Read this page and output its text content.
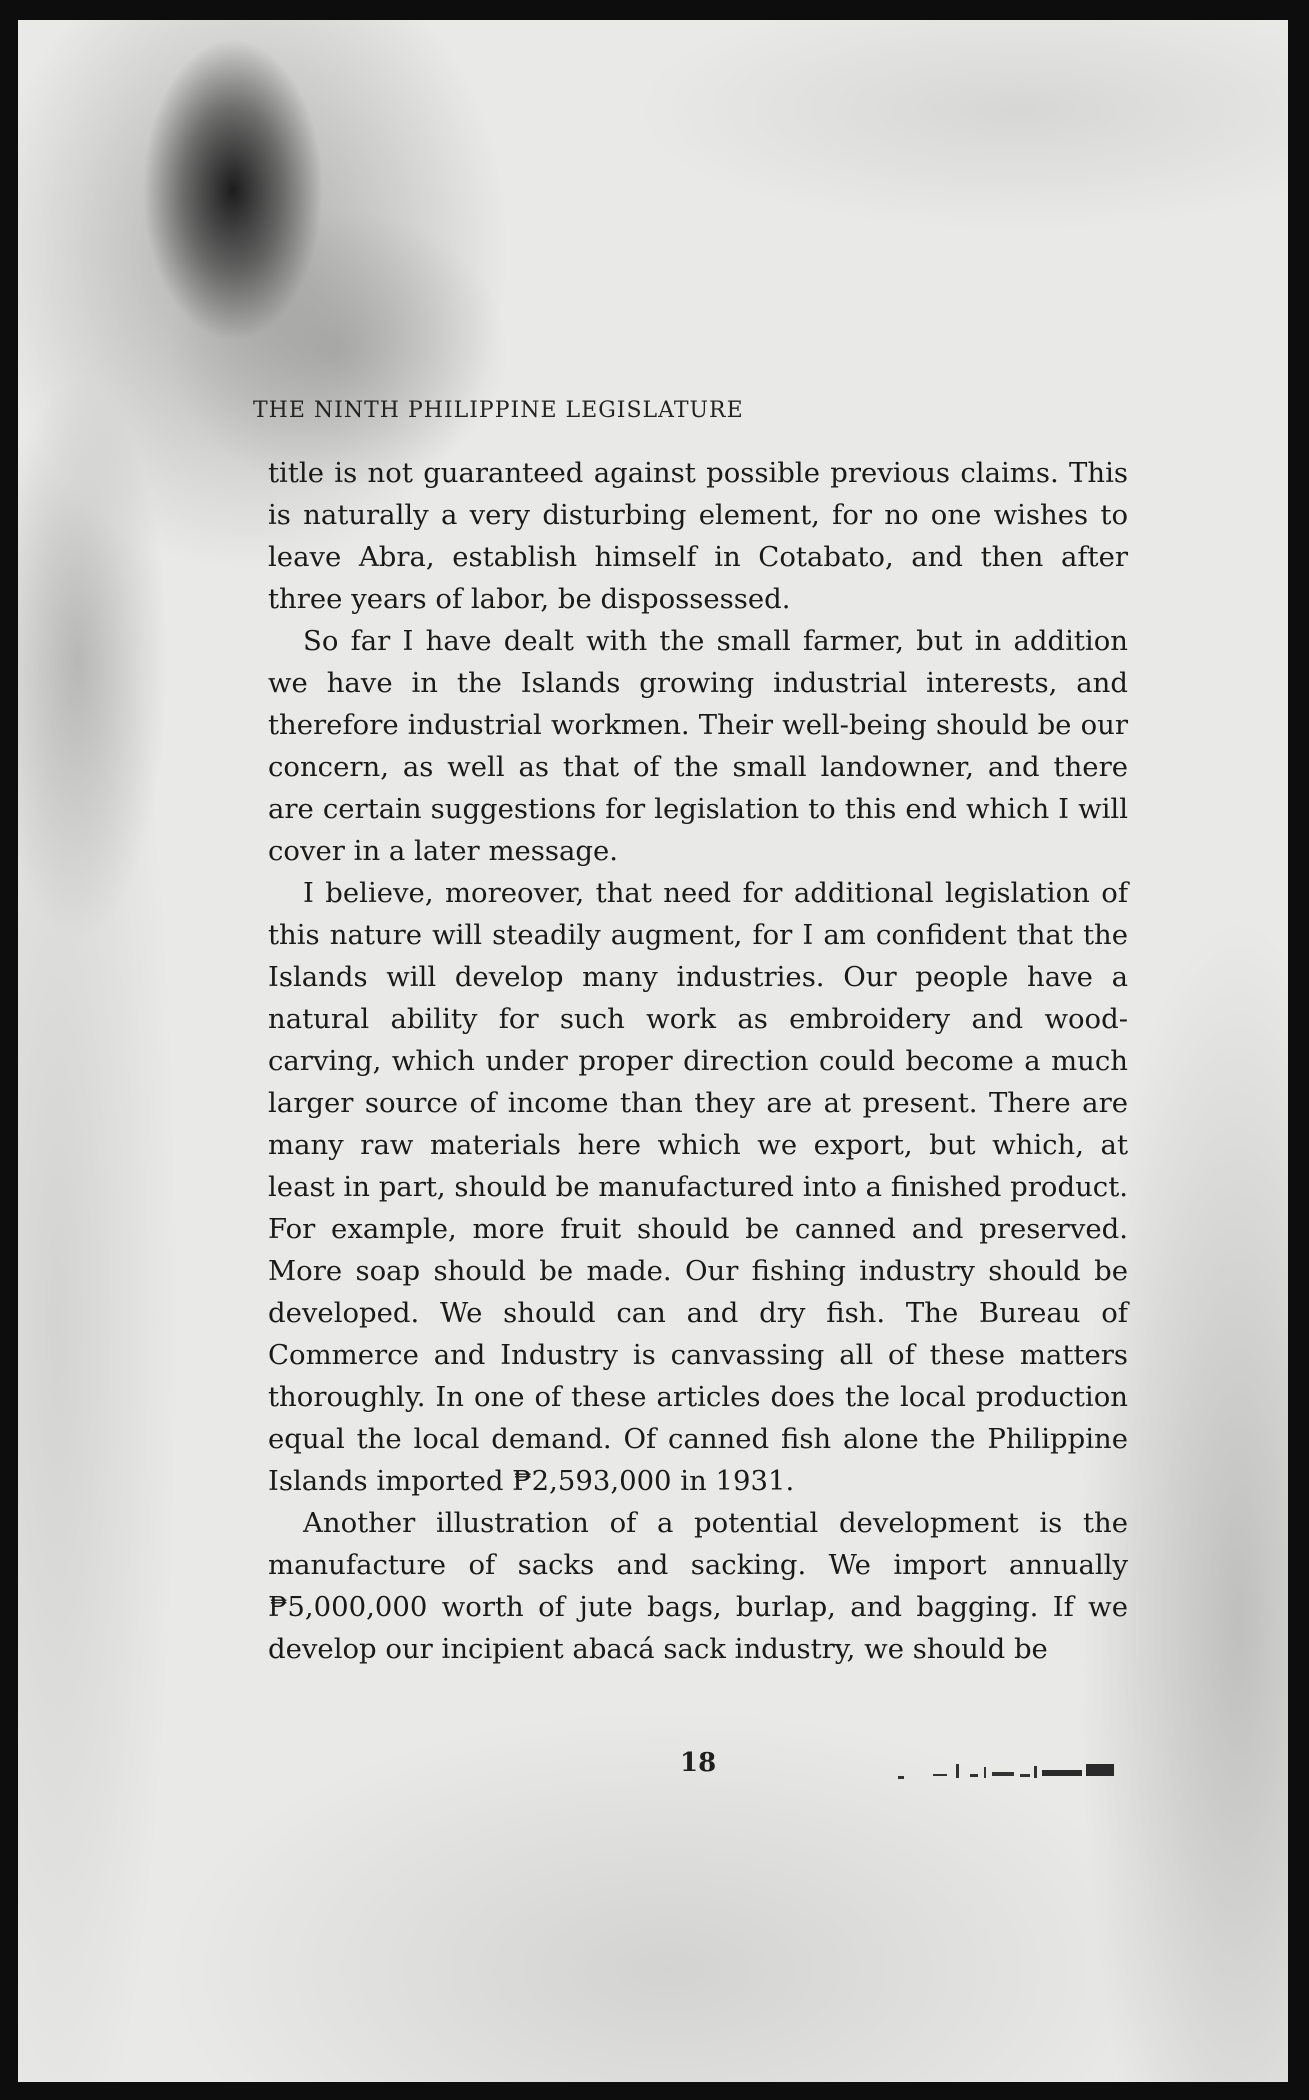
THE NINTH PHILIPPINE LEGISLATURE

title is not guaranteed against possible previous claims. This is naturally a very disturbing element, for no one wishes to leave Abra, establish himself in Cotabato, and then after three years of labor, be dispossessed.

So far I have dealt with the small farmer, but in addition we have in the Islands growing industrial interests, and therefore industrial workmen. Their well-being should be our concern, as well as that of the small landowner, and there are certain suggestions for legislation to this end which I will cover in a later message.

I believe, moreover, that need for additional legislation of this nature will steadily augment, for I am confident that the Islands will develop many industries. Our people have a natural ability for such work as embroidery and wood-carving, which under proper direction could become a much larger source of income than they are at present. There are many raw materials here which we export, but which, at least in part, should be manufactured into a finished product. For example, more fruit should be canned and preserved. More soap should be made. Our fishing industry should be developed. We should can and dry fish. The Bureau of Commerce and Industry is canvassing all of these matters thoroughly. In one of these articles does the local production equal the local demand. Of canned fish alone the Philippine Islands imported ₱2,593,000 in 1931.

Another illustration of a potential development is the manufacture of sacks and sacking. We import annually ₱5,000,000 worth of jute bags, burlap, and bagging. If we develop our incipient abacá sack industry, we should be

18
